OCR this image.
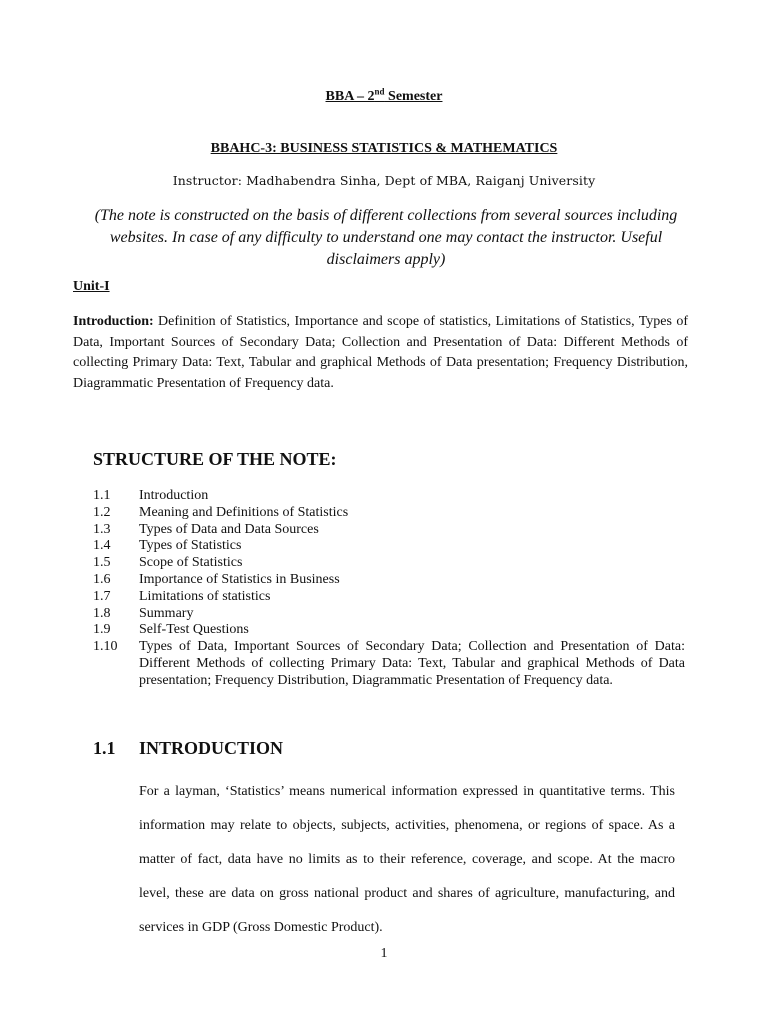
BBA – 2nd Semester
BBAHC-3: BUSINESS STATISTICS & MATHEMATICS
Instructor: Madhabendra Sinha, Dept of MBA, Raiganj University
(The note is constructed on the basis of different collections from several sources including websites. In case of any difficulty to understand one may contact the instructor. Useful disclaimers apply)
Unit-I
Introduction: Definition of Statistics, Importance and scope of statistics, Limitations of Statistics, Types of Data, Important Sources of Secondary Data; Collection and Presentation of Data: Different Methods of collecting Primary Data: Text, Tabular and graphical Methods of Data presentation; Frequency Distribution, Diagrammatic Presentation of Frequency data.
STRUCTURE OF THE NOTE:
1.1	Introduction
1.2	Meaning and Definitions of Statistics
1.3	Types of Data and Data Sources
1.4	Types of Statistics
1.5	Scope of Statistics
1.6	Importance of Statistics in Business
1.7	Limitations of statistics
1.8	Summary
1.9	Self-Test Questions
1.10	Types of Data, Important Sources of Secondary Data; Collection and Presentation of Data: Different Methods of collecting Primary Data: Text, Tabular and graphical Methods of Data presentation; Frequency Distribution, Diagrammatic Presentation of Frequency data.
1.1 INTRODUCTION
For a layman, ‘Statistics’ means numerical information expressed in quantitative terms. This information may relate to objects, subjects, activities, phenomena, or regions of space. As a matter of fact, data have no limits as to their reference, coverage, and scope. At the macro level, these are data on gross national product and shares of agriculture, manufacturing, and services in GDP (Gross Domestic Product).
1
